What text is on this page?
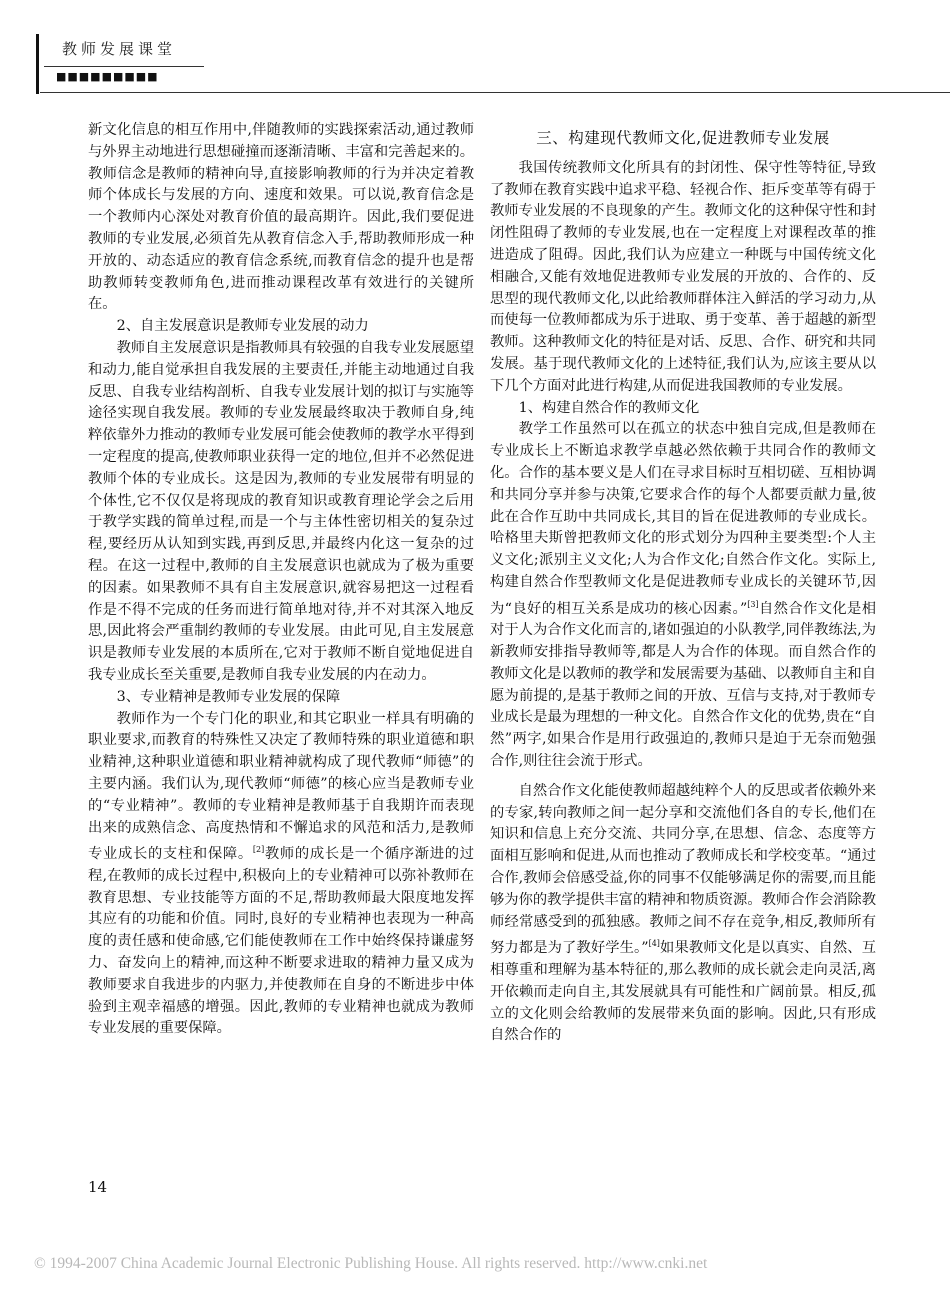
教师发展课堂
■■■■■■■■■

新文化信息的相互作用中,伴随教师的实践探索活动,通过教师与外界主动地进行思想碰撞而逐渐清晰、丰富和完善起来的。教师信念是教师的精神向导,直接影响教师的行为并决定着教师个体成长与发展的方向、速度和效果。可以说,教育信念是一个教师内心深处对教育价值的最高期许。因此,我们要促进教师的专业发展,必须首先从教育信念入手,帮助教师形成一种开放的、动态适应的教育信念系统,而教育信念的提升也是帮助教师转变教师角色,进而推动课程改革有效进行的关键所在。

2、自主发展意识是教师专业发展的动力

教师自主发展意识是指教师具有较强的自我专业发展愿望和动力,能自觉承担自我发展的主要责任,并能主动地通过自我反思、自我专业结构剖析、自我专业发展计划的拟订与实施等途径实现自我发展。教师的专业发展最终取决于教师自身,纯粹依靠外力推动的教师专业发展可能会使教师的教学水平得到一定程度的提高,使教师职业获得一定的地位,但并不必然促进教师个体的专业成长。这是因为,教师的专业发展带有明显的个体性,它不仅仅是将现成的教育知识或教育理论学会之后用于教学实践的简单过程,而是一个与主体性密切相关的复杂过程,要经历从认知到实践,再到反思,并最终内化这一复杂的过程。在这一过程中,教师的自主发展意识也就成为了极为重要的因素。如果教师不具有自主发展意识,就容易把这一过程看作是不得不完成的任务而进行简单地对待,并不对其深入地反思,因此将会严重制约教师的专业发展。由此可见,自主发展意识是教师专业发展的本质所在,它对于教师不断自觉地促进自我专业成长至关重要,是教师自我专业发展的内在动力。

3、专业精神是教师专业发展的保障

教师作为一个专门化的职业,和其它职业一样具有明确的职业要求,而教育的特殊性又决定了教师特殊的职业道德和职业精神,这种职业道德和职业精神就构成了现代教师“师德”的主要内涵。我们认为,现代教师“师德”的核心应当是教师专业的“专业精神”。教师的专业精神是教师基于自我期许而表现出来的成熟信念、高度热情和不懈追求的风范和活力,是教师专业成长的支柱和保障。[2]教师的成长是一个循序渐进的过程,在教师的成长过程中,积极向上的专业精神可以弥补教师在教育思想、专业技能等方面的不足,帮助教师最大限度地发挥其应有的功能和价值。同时,良好的专业精神也表现为一种高度的责任感和使命感,它们能使教师在工作中始终保持谦虚努力、奋发向上的精神,而这种不断要求进取的精神力量又成为教师要求自我进步的内驱力,并使教师在自身的不断进步中体验到主观幸福感的增强。因此,教师的专业精神也就成为教师专业发展的重要保障。

三、构建现代教师文化,促进教师专业发展

我国传统教师文化所具有的封闭性、保守性等特征,导致了教师在教育实践中追求平稳、轻视合作、拒斥变革等有碍于教师专业发展的不良现象的产生。教师文化的这种保守性和封闭性阻碍了教师的专业发展,也在一定程度上对课程改革的推进造成了阻碍。因此,我们认为应建立一种既与中国传统文化相融合,又能有效地促进教师专业发展的开放的、合作的、反思型的现代教师文化,以此给教师群体注入鲜活的学习动力,从而使每一位教师都成为乐于进取、勇于变革、善于超越的新型教师。这种教师文化的特征是对话、反思、合作、研究和共同发展。基于现代教师文化的上述特征,我们认为,应该主要从以下几个方面对此进行构建,从而促进我国教师的专业发展。

1、构建自然合作的教师文化

教学工作虽然可以在孤立的状态中独自完成,但是教师在专业成长上不断追求教学卓越必然依赖于共同合作的教师文化。合作的基本要义是人们在寻求目标时互相切磋、互相协调和共同分享并参与决策,它要求合作的每个人都要贡献力量,彼此在合作互助中共同成长,其目的旨在促进教师的专业成长。哈格里夫斯曾把教师文化的形式划分为四种主要类型:个人主义文化;派别主义文化;人为合作文化;自然合作文化。实际上,构建自然合作型教师文化是促进教师专业成长的关键环节,因为“良好的相互关系是成功的核心因素。”[3]自然合作文化是相对于人为合作文化而言的,诸如强迫的小队教学,同伴教练法,为新教师安排指导教师等,都是人为合作的体现。而自然合作的教师文化是以教师的教学和发展需要为基础、以教师自主和自愿为前提的,是基于教师之间的开放、互信与支持,对于教师专业成长是最为理想的一种文化。自然合作文化的优势,贵在“自然”两字,如果合作是用行政强迫的,教师只是迫于无奈而勉强合作,则往往会流于形式。

自然合作文化能使教师超越纯粹个人的反思或者依赖外来的专家,转向教师之间一起分享和交流他们各自的专长,他们在知识和信息上充分交流、共同分享,在思想、信念、态度等方面相互影响和促进,从而也推动了教师成长和学校变革。“通过合作,教师会倍感受益,你的同事不仅能够满足你的需要,而且能够为你的教学提供丰富的精神和物质资源。教师合作会消除教师经常感受到的孤独感。教师之间不存在竞争,相反,教师所有努力都是为了教好学生。”[4]如果教师文化是以真实、自然、互相尊重和理解为基本特征的,那么教师的成长就会走向灵活,离开依赖而走向自主,其发展就具有可能性和广阔前景。相反,孤立的文化则会给教师的发展带来负面的影响。因此,只有形成自然合作的

14
© 1994-2007 China Academic Journal Electronic Publishing House. All rights reserved. http://www.cnki.net
